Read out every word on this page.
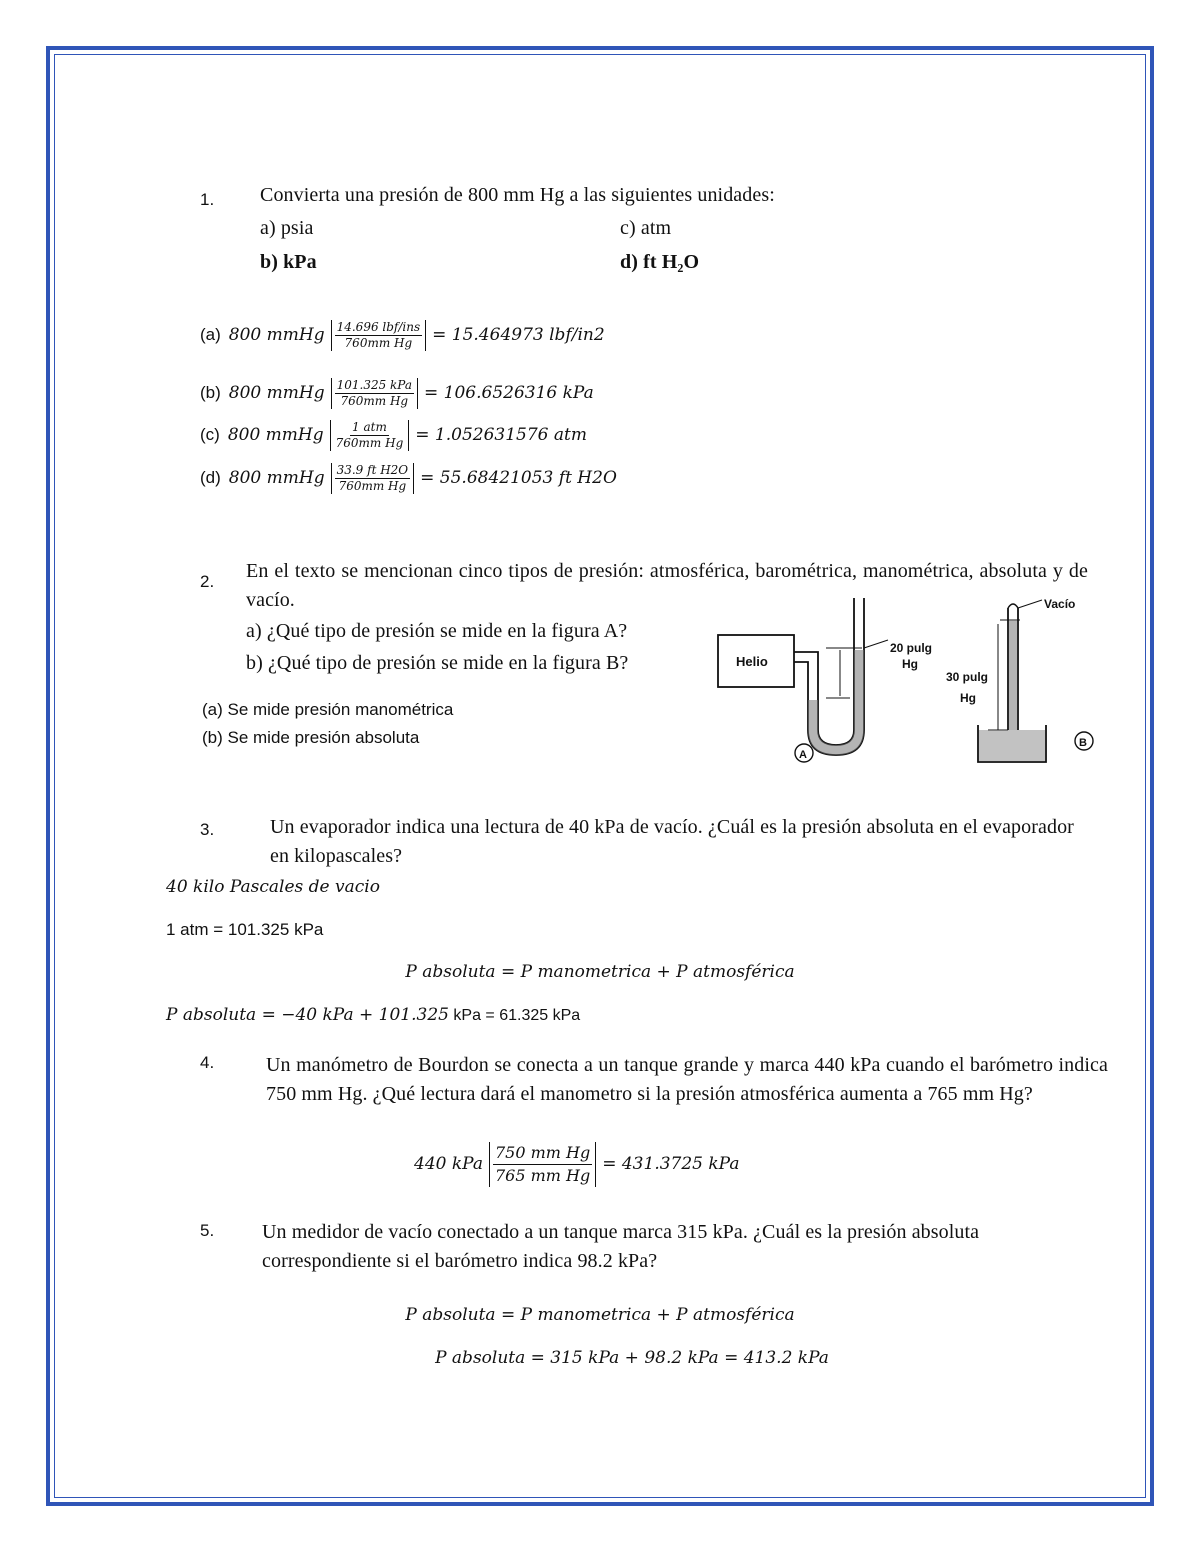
1. Convierta una presión de 800 mm Hg a las siguientes unidades:
a) psia	c) atm
b) kPa	d) ft H₂O
(a) 800 mmHg $\frac{\text{14.696 lbf/ins}}{\text{760mm Hg}} = 15.464973$ lbf/in2
(b) 800 mmHg $\frac{\text{101.325 kPa}}{\text{760mm Hg}} = 106.6526316$ kPa
(c) 800 mmHg $\frac{\text{1 atm}}{\text{760mm Hg}} = 1.052631576$ atm
(d) 800 mmHg $\frac{\text{33.9 ft H2O}}{\text{760mm Hg}} = 55.68421053$ ft H2O
2. En el texto se mencionan cinco tipos de presión: atmosférica, barométrica, manométrica, absoluta y de vacío.
a) ¿Qué tipo de presión se mide en la figura A?
b) ¿Qué tipo de presión se mide en la figura B?
(a) Se mide presión manométrica
(b) Se mide presión absoluta
Helio
20 pulg
Hg
Vacío
30 pulg
Hg
A
B
3.	Un evaporador indica una lectura de 40 kPa de vacío. ¿Cuál es la presión absoluta en el evaporador en kilopascales?
40 kilo Pascales de vacio
1 atm = 101.325 kPa
P absoluta = P manometrica + P atmosférica
P absoluta = −40 kPa + 101.325 kPa = 61.325 kPa
4.	Un manómetro de Bourdon se conecta a un tanque grande y marca 440 kPa cuando el barómetro indica 750 mm Hg. ¿Qué lectura dará el manometro si la presión atmosférica aumenta a 765 mm Hg?
440 kPa $\frac{\text{750 mm Hg}}{\text{765 mm Hg}} = 431.3725$ kPa
5. Un medidor de vacío conectado a un tanque marca 315 kPa. ¿Cuál es la presión absoluta correspondiente si el barómetro indica 98.2 kPa?
P absoluta = P manometrica + P atmosférica
P absoluta = 315 kPa + 98.2 kPa = 413.2 kPa
